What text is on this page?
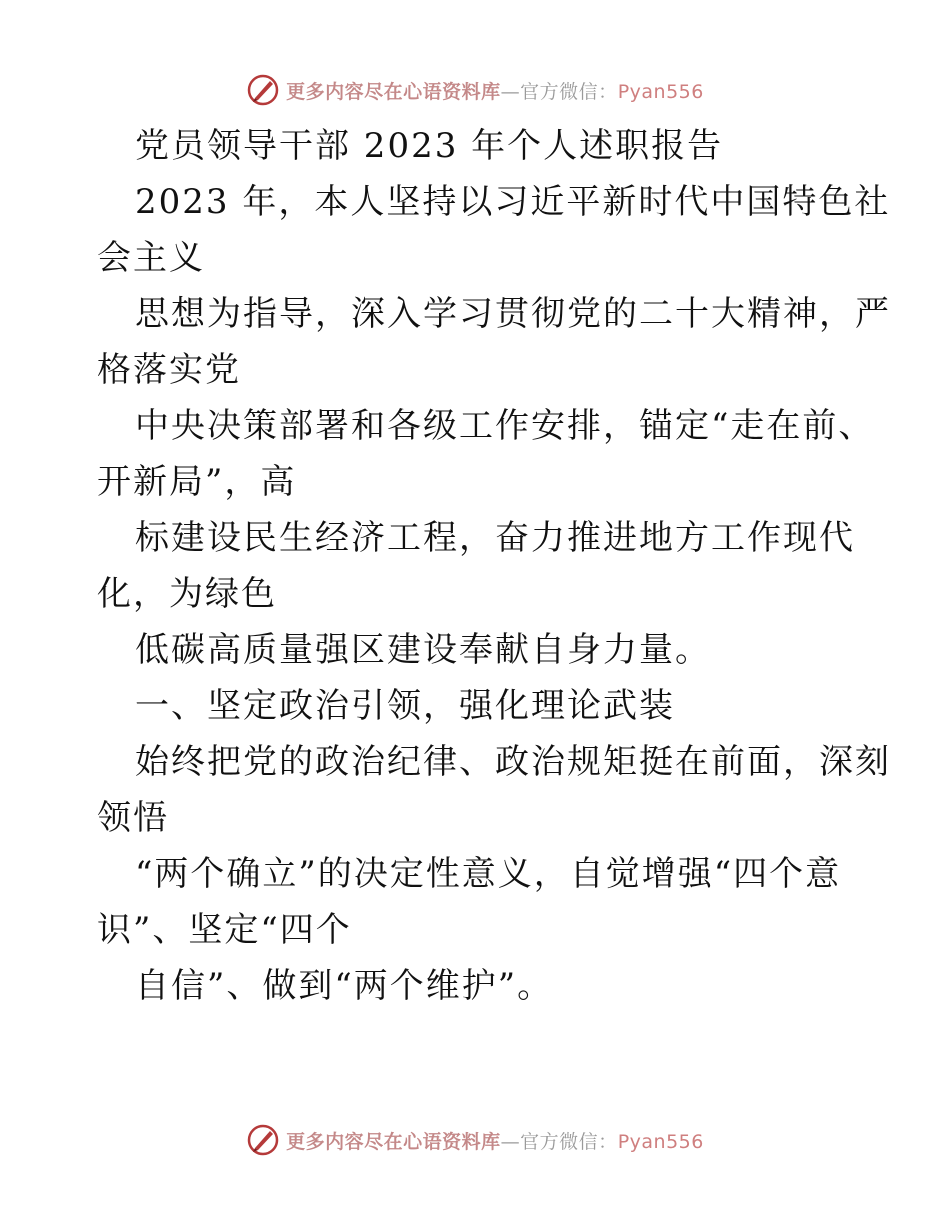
更多内容尽在心语资料库—官方微信：Pyan556
党员领导干部 2023 年个人述职报告
2023 年，本人坚持以习近平新时代中国特色社
会主义
思想为指导，深入学习贯彻党的二十大精神，严
格落实党
中央决策部署和各级工作安排，锚定“走在前、
开新局”，高
标建设民生经济工程，奋力推进地方工作现代
化，为绿色
低碳高质量强区建设奉献自身力量。
一、坚定政治引领，强化理论武装
始终把党的政治纪律、政治规矩挺在前面，深刻
领悟
“两个确立”的决定性意义，自觉增强“四个意
识”、坚定“四个
自信”、做到“两个维护”。
更多内容尽在心语资料库—官方微信：Pyan556
